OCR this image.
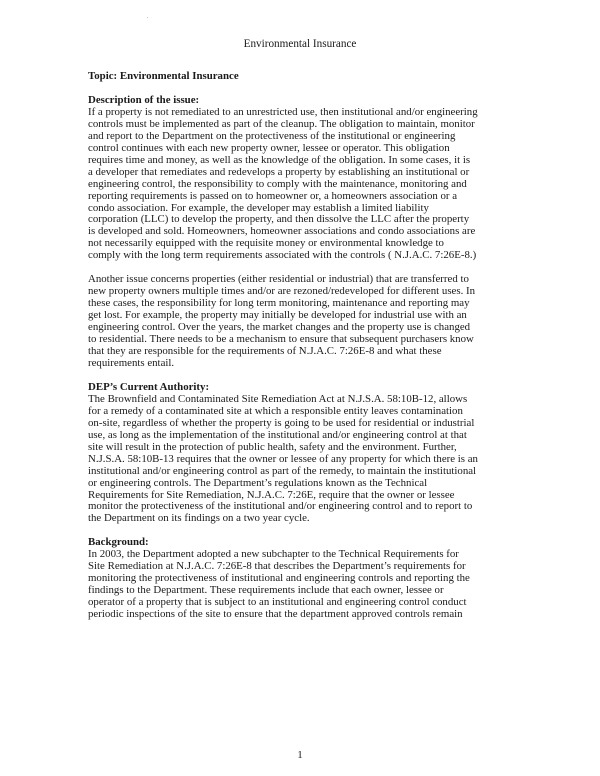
.
Environmental Insurance

Topic: Environmental Insurance

Description of the issue:

If a property is not remediated to an unrestricted use, then institutional and/or engineering
controls must be implemented as part of the cleanup. The obligation to maintain, monitor
and report to the Department on the protectiveness of the institutional or engineering
control continues with each new property owner, lessee or operator. This obligation
requires time and money, as well as the knowledge of the obligation. In some cases, it is
a developer that remediates and redevelops a property by establishing an institutional or
engineering control, the responsibility to comply with the maintenance, monitoring and
reporting requirements is passed on to homeowner or, a homeowners association or a
condo association. For example, the developer may establish a limited liability
corporation (LLC) to develop the property, and then dissolve the LLC after the property
is developed and sold. Homeowners, homeowner associations and condo associations are
not necessarily equipped with the requisite money or environmental knowledge to
comply with the long term requirements associated with the controls ( N.J.A.C. 7:26E-8.)

Another issue concerns properties (either residential or industrial) that are transferred to
new property owners multiple times and/or are rezoned/redeveloped for different uses. In
these cases, the responsibility for long term monitoring, maintenance and reporting may
get lost. For example, the property may initially be developed for industrial use with an
engineering control. Over the years, the market changes and the property use is changed
to residential. There needs to be a mechanism to ensure that subsequent purchasers know
that they are responsible for the requirements of N.J.A.C. 7:26E-8 and what these
requirements entail.

DEP’s Current Authority:

The Brownfield and Contaminated Site Remediation Act at N.J.S.A. 58:10B-12, allows
for a remedy of a contaminated site at which a responsible entity leaves contamination
on-site, regardless of whether the property is going to be used for residential or industrial
use, as long as the implementation of the institutional and/or engineering control at that
site will result in the protection of public health, safety and the environment. Further,
N.J.S.A. 58:10B-13 requires that the owner or lessee of any property for which there is an
institutional and/or engineering control as part of the remedy, to maintain the institutional
or engineering controls. The Department’s regulations known as the Technical
Requirements for Site Remediation, N.J.A.C. 7:26E, require that the owner or lessee
monitor the protectiveness of the institutional and/or engineering control and to report to
the Department on its findings on a two year cycle.

Background:

In 2003, the Department adopted a new subchapter to the Technical Requirements for
Site Remediation at N.J.A.C. 7:26E-8 that describes the Department’s requirements for
monitoring the protectiveness of institutional and engineering controls and reporting the
findings to the Department. These requirements include that each owner, lessee or
operator of a property that is subject to an institutional and engineering control conduct
periodic inspections of the site to ensure that the department approved controls remain

1
